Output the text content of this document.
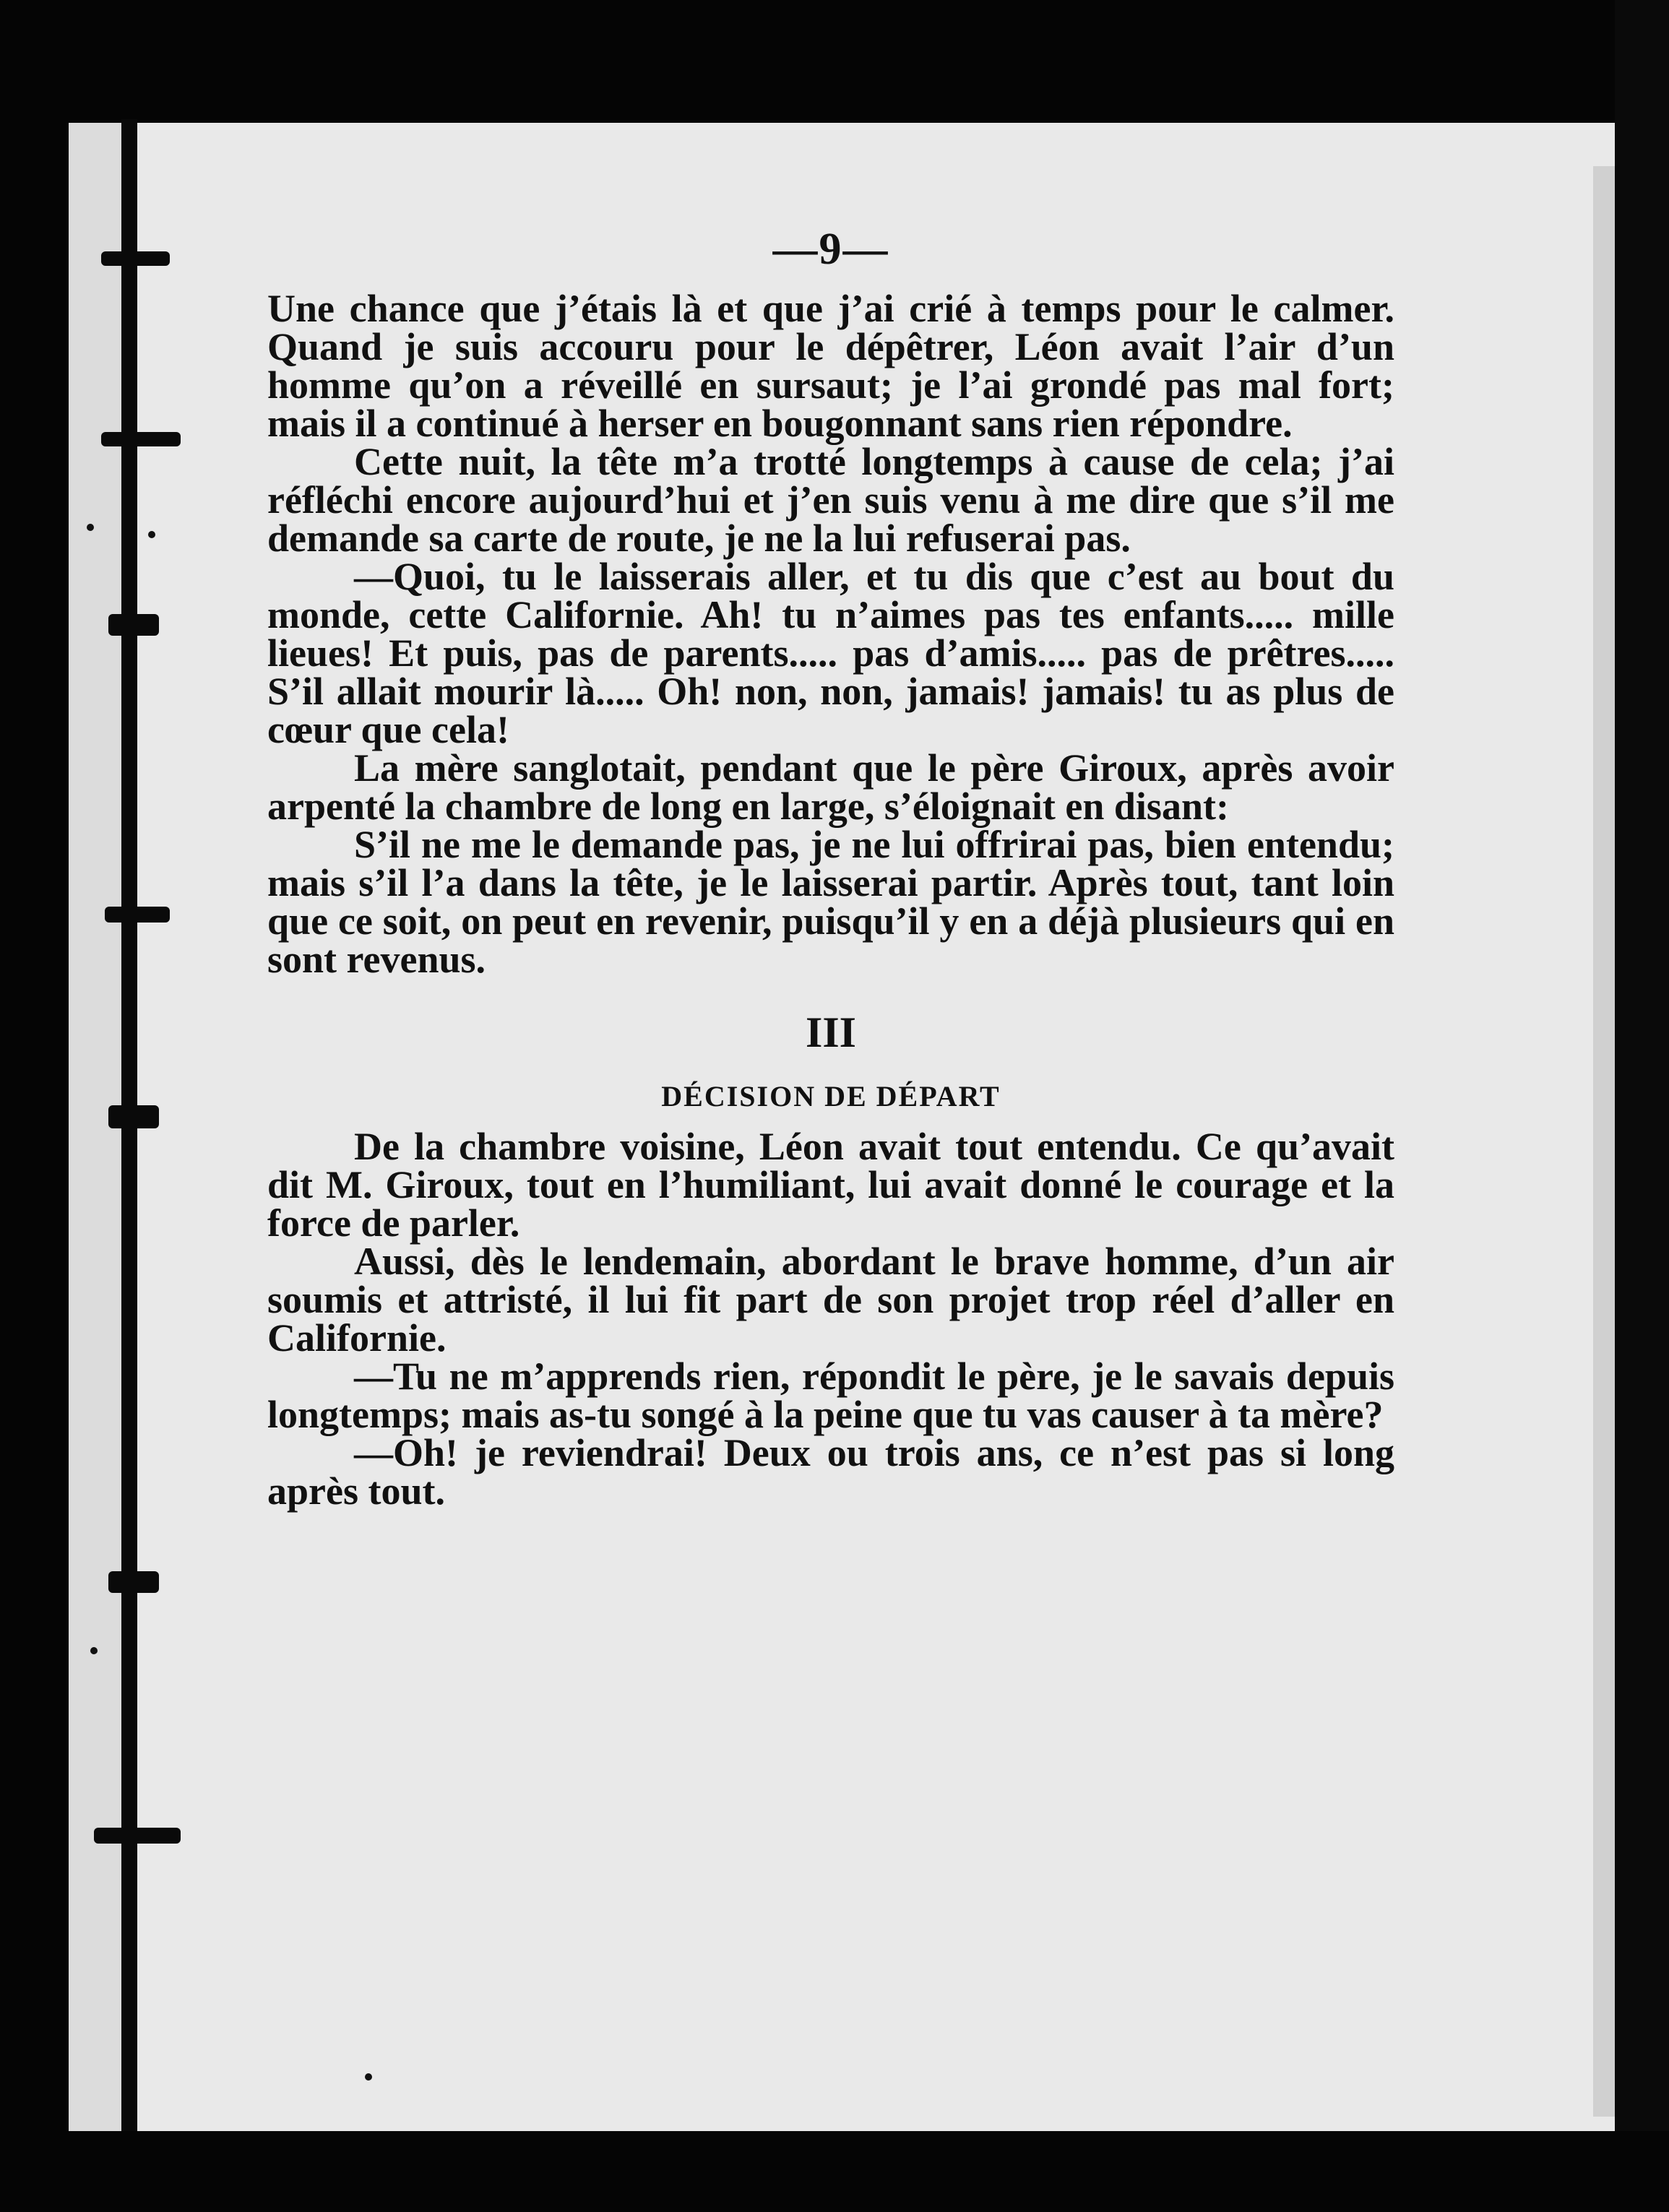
—9—

Une chance que j’étais là et que j’ai crié à temps pour le calmer. Quand je suis accouru pour le dépêtrer, Léon avait l’air d’un homme qu’on a réveillé en sursaut; je l’ai grondé pas mal fort; mais il a continué à herser en bougonnant sans rien répondre.

Cette nuit, la tête m’a trotté longtemps à cause de cela; j’ai réfléchi encore aujourd’hui et j’en suis venu à me dire que s’il me demande sa carte de route, je ne la lui refuserai pas.

—Quoi, tu le laisserais aller, et tu dis que c’est au bout du monde, cette Californie. Ah! tu n’aimes pas tes enfants..... mille lieues! Et puis, pas de parents..... pas d’amis..... pas de prêtres..... S’il allait mourir là..... Oh! non, non, jamais! jamais! tu as plus de cœur que cela!

La mère sanglotait, pendant que le père Giroux, après avoir arpenté la chambre de long en large, s’éloignait en disant:

S’il ne me le demande pas, je ne lui offrirai pas, bien entendu; mais s’il l’a dans la tête, je le laisserai partir. Après tout, tant loin que ce soit, on peut en revenir, puisqu’il y en a déjà plusieurs qui en sont revenus.

III
DÉCISION DE DÉPART

De la chambre voisine, Léon avait tout entendu. Ce qu’avait dit M. Giroux, tout en l’humiliant, lui avait donné le courage et la force de parler.

Aussi, dès le lendemain, abordant le brave homme, d’un air soumis et attristé, il lui fit part de son projet trop réel d’aller en Californie.

—Tu ne m’apprends rien, répondit le père, je le savais depuis longtemps; mais as-tu songé à la peine que tu vas causer à ta mère?

—Oh! je reviendrai! Deux ou trois ans, ce n’est pas si long après tout.
